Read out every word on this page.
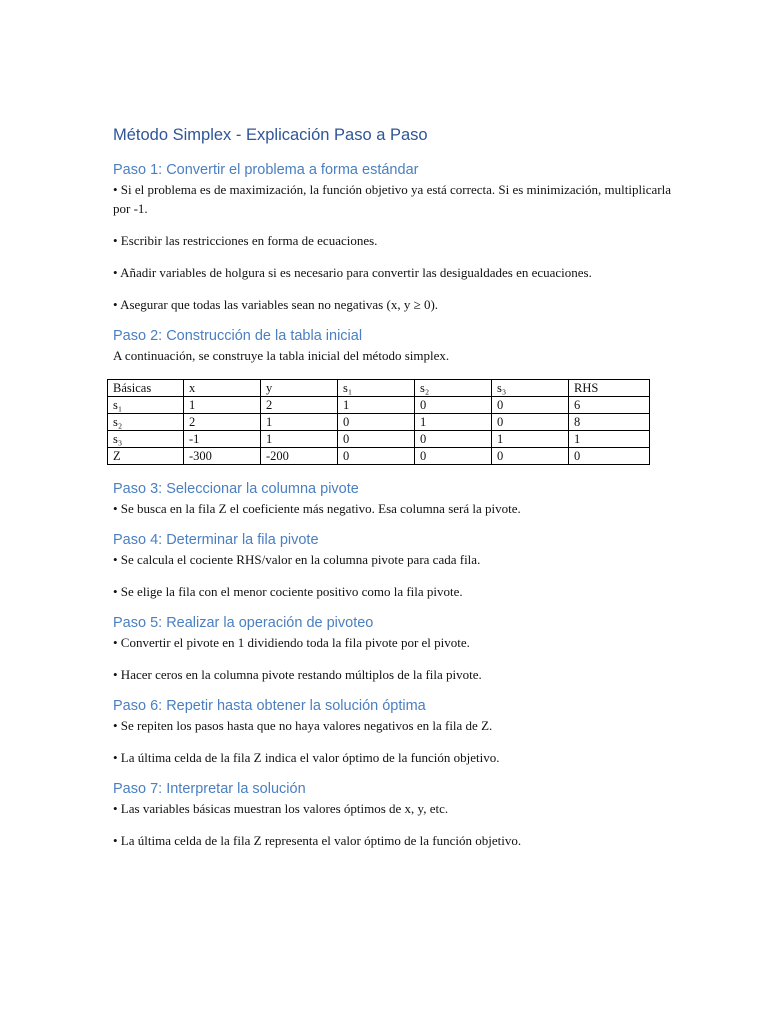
Método Simplex - Explicación Paso a Paso
Paso 1: Convertir el problema a forma estándar

• Si el problema es de maximización, la función objetivo ya está correcta. Si es minimización, multiplicarla por -1.

• Escribir las restricciones en forma de ecuaciones.

• Añadir variables de holgura si es necesario para convertir las desigualdades en ecuaciones.

• Asegurar que todas las variables sean no negativas (x, y ≥ 0).

Paso 2: Construcción de la tabla inicial

A continuación, se construye la tabla inicial del método simplex.

Básicas	x	y	s₁	s₂	s₃	RHS
s₁	1	2	1	0	0	6
s₂	2	1	0	1	0	8
s₃	-1	1	0	0	1	1
Z	-300	-200	0	0	0	0
Paso 3: Seleccionar la columna pivote

• Se busca en la fila Z el coeficiente más negativo. Esa columna será la pivote.

Paso 4: Determinar la fila pivote

• Se calcula el cociente RHS/valor en la columna pivote para cada fila.

• Se elige la fila con el menor cociente positivo como la fila pivote.

Paso 5: Realizar la operación de pivoteo

• Convertir el pivote en 1 dividiendo toda la fila pivote por el pivote.

• Hacer ceros en la columna pivote restando múltiplos de la fila pivote.

Paso 6: Repetir hasta obtener la solución óptima

• Se repiten los pasos hasta que no haya valores negativos en la fila de Z.

• La última celda de la fila Z indica el valor óptimo de la función objetivo.

Paso 7: Interpretar la solución

• Las variables básicas muestran los valores óptimos de x, y, etc.

• La última celda de la fila Z representa el valor óptimo de la función objetivo.
